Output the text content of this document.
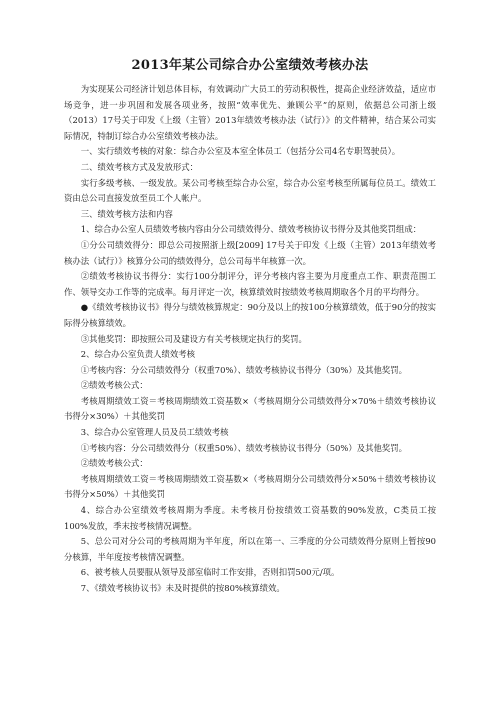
2013年某公司综合办公室绩效考核办法

为实现某公司经济计划总体目标，有效调动广大员工的劳动积极性，提高企业经济效益，适应市场竞争，进一步巩固和发展各项业务，按照“效率优先、兼顾公平”的原则，依据总公司浙上级（2013）17号关于印发《上级（主管）2013年绩效考核办法（试行）》的文件精神，结合某公司实际情况，特制订综合办公室绩效考核办法。

一、实行绩效考核的对象：综合办公室及本室全体员工（包括分公司4名专职驾驶员）。

二、绩效考核方式及发放形式：

实行多级考核、一级发放。某公司考核至综合办公室，综合办公室考核至所属每位员工。绩效工资由总公司直接发放至员工个人帐户。

三、绩效考核方法和内容

1、综合办公室人员绩效考核内容由分公司绩效得分、绩效考核协议书得分及其他奖罚组成：

①分公司绩效得分：即总公司按照浙上级[2009] 17号关于印发《上级（主管）2013年绩效考核办法（试行）》核算分公司的绩效得分，总公司每半年核算一次。

②绩效考核协议书得分：实行100分制评分，评分考核内容主要为月度重点工作、职责范围工作、领导交办工作等的完成率。每月评定一次，核算绩效时按绩效考核周期取各个月的平均得分。

●《绩效考核协议书》得分与绩效核算规定：90分及以上的按100分核算绩效，低于90分的按实际得分核算绩效。

③其他奖罚：即按照公司及建设方有关考核规定执行的奖罚。

2、综合办公室负责人绩效考核

①考核内容：分公司绩效得分（权重70%）、绩效考核协议书得分（30%）及其他奖罚。

②绩效考核公式：

考核周期绩效工资＝考核周期绩效工资基数×（考核周期分公司绩效得分×70%＋绩效考核协议书得分×30%）＋其他奖罚

3、综合办公室管理人员及员工绩效考核

①考核内容：分公司绩效得分（权重50%）、绩效考核协议书得分（50%）及其他奖罚。

②绩效考核公式：

考核周期绩效工资＝考核周期绩效工资基数×（考核周期分公司绩效得分×50%＋绩效考核协议书得分×50%）＋其他奖罚

4、综合办公室绩效考核周期为季度。未考核月份按绩效工资基数的90%发放，C类员工按100%发放，季末按考核情况调整。

5、总公司对分公司的考核周期为半年度，所以在第一、三季度的分公司绩效得分原则上暂按90分核算，半年度按考核情况调整。

6、被考核人员要服从领导及部室临时工作安排，否则扣罚500元/项。

7、《绩效考核协议书》未及时提供的按80%核算绩效。
